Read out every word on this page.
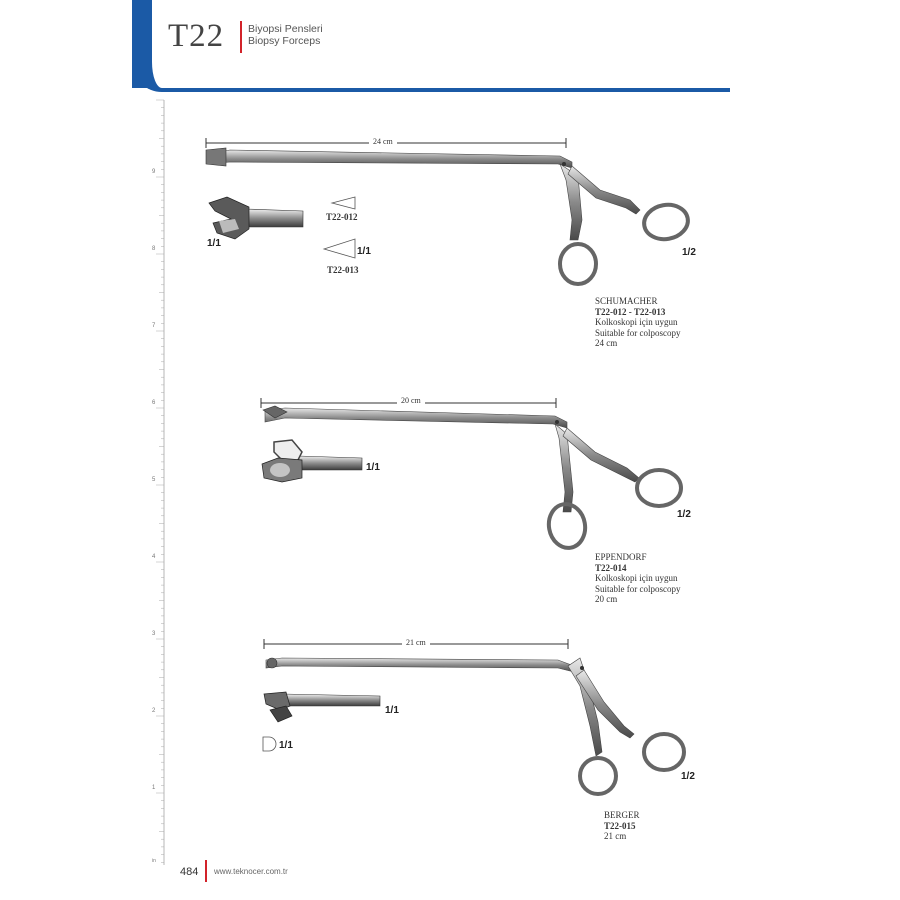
T22 Biyopsi Pensleri
Biopsy Forceps
9
8
7
6
5
4
3
2
1
in
24 cm
1/1
T22-012
1/1
T22-013
1/2
SCHUMACHER
T22-012 - T22-013
Kolkoskopi için uygun
Suitable for colposcopy
24 cm
20 cm
1/1
1/2
EPPENDORF
T22-014
Kolkoskopi için uygun
Suitable for colposcopy
20 cm
21 cm
1/1
1/1
1/2
BERGER
T22-015
21 cm
484 www.teknocer.com.tr
